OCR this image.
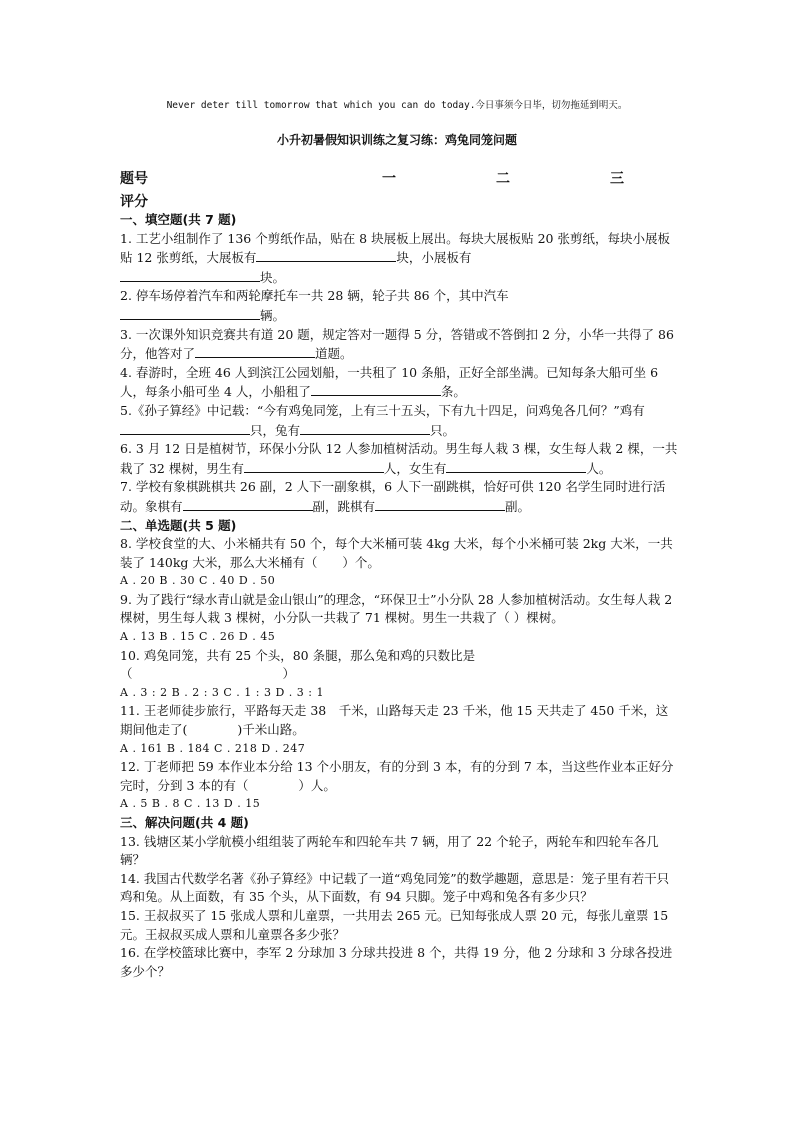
Never deter till tomorrow that which you can do today.今日事须今日毕，切勿拖延到明天。
小升初暑假知识训练之复习练：鸡兔同笼问题
题号	一	二	三
评分
一、填空题(共 7 题)
1. 工艺小组制作了 136 个剪纸作品，贴在 8 块展板上展出。每块大展板贴 20 张剪纸，每块小展板贴 12 张剪纸，大展板有	块，小展板有
块。
2. 停车场停着汽车和两轮摩托车一共 28 辆，轮子共 86 个，其中汽车
辆。
3. 一次课外知识竞赛共有道 20 题，规定答对一题得 5 分，答错或不答倒扣 2 分，小华一共得了 86 分，他答对了	道题。
4. 春游时，全班 46 人到滨江公园划船，一共租了 10 条船，正好全部坐满。已知每条大船可坐 6 人，每条小船可坐 4 人，小船租了	条。
5.《孙子算经》中记载：“今有鸡兔同笼，上有三十五头，下有九十四足，问鸡兔各几何？”鸡有只，兔有	只。
6. 3 月 12 日是植树节，环保小分队 12 人参加植树活动。男生每人栽 3 棵，女生每人栽 2 棵，一共栽了 32 棵树，男生有	人，女生有	人。
7. 学校有象棋跳棋共 26 副，2 人下一副象棋，6 人下一副跳棋，恰好可供 120 名学生同时进行活动。象棋有	副，跳棋有	副。
二、单选题(共 5 题)
8. 学校食堂的大、小米桶共有 50 个，每个大米桶可装 4kg 大米，每个小米桶可装 2kg 大米，一共装了 140kg 大米，那么大米桶有（　　）个。
A . 20 B . 30 C . 40 D . 50
9. 为了践行“绿水青山就是金山银山”的理念，“环保卫士”小分队 28 人参加植树活动。女生每人栽 2 棵树，男生每人栽 3 棵树，小分队一共栽了 71 棵树。男生一共栽了（ ）棵树。
A . 13 B . 15 C . 26 D . 45
10. 鸡兔同笼，共有 25 个头，80 条腿，那么兔和鸡的只数比是
（	）
A . 3 : 2 B . 2 : 3 C . 1 : 3 D . 3 : 1
11. 王老师徒步旅行，平路每天走 38　千米，山路每天走 23 千米，他 15 天共走了 450 千米，这期间他走了(　　　　)千米山路。
A . 161 B . 184 C . 218 D . 247
12. 丁老师把 59 本作业本分给 13 个小朋友，有的分到 3 本，有的分到 7 本，当这些作业本正好分完时，分到 3 本的有（　　　　）人。
A . 5 B . 8 C . 13 D . 15
三、解决问题(共 4 题)
13. 钱塘区某小学航模小组组装了两轮车和四轮车共 7 辆，用了 22 个轮子，两轮车和四轮车各几辆？
14. 我国古代数学名著《孙子算经》中记载了一道“鸡兔同笼”的数学趣题，意思是：笼子里有若干只鸡和兔。从上面数，有 35 个头，从下面数，有 94 只脚。笼子中鸡和兔各有多少只？
15. 王叔叔买了 15 张成人票和儿童票，一共用去 265 元。已知每张成人票 20 元，每张儿童票 15 元。王叔叔买成人票和儿童票各多少张？
16. 在学校篮球比赛中，李军 2 分球加 3 分球共投进 8 个，共得 19 分，他 2 分球和 3 分球各投进多少个？
